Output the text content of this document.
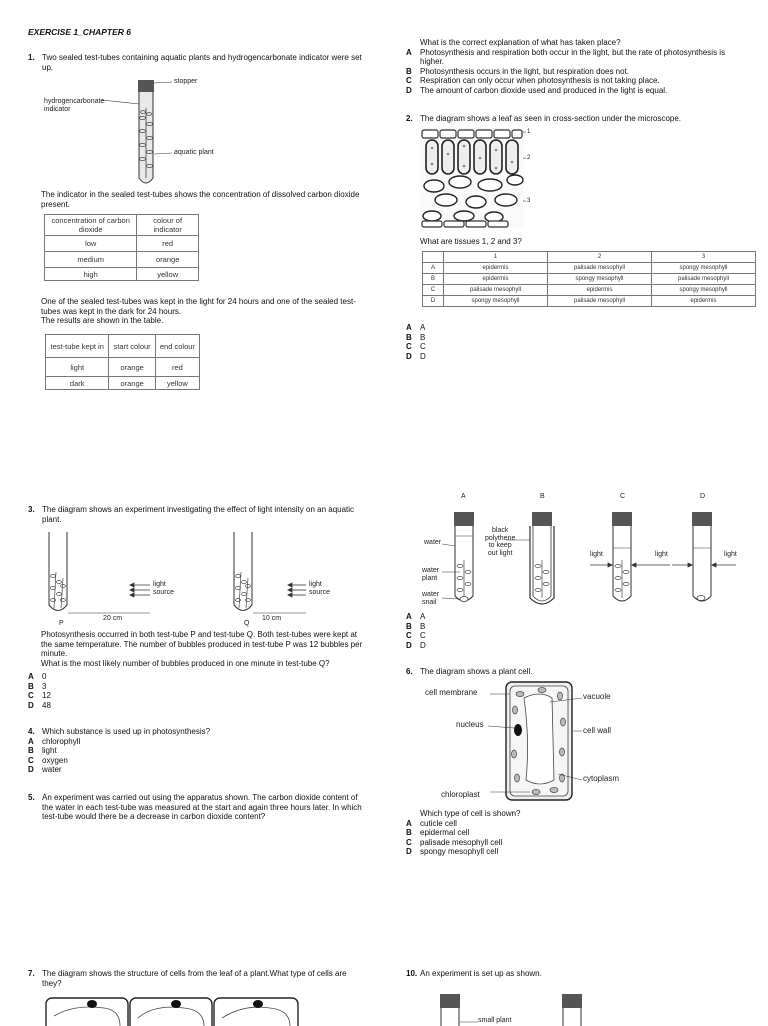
EXERCISE 1_CHAPTER 6
1. Two sealed test-tubes containing aquatic plants and hydrogencarbonate indicator were set up.

stopper
hydrogencarbonate
indicator
aquatic plant

The indicator in the sealed test-tubes shows the concentration of dissolved carbon dioxide present.

concentration of carbon dioxide	colour of indicator
low	red
medium	orange
high	yellow

One of the sealed test-tubes was kept in the light for 24 hours and one of the sealed test-tubes was kept in the dark for 24 hours.

The results are shown in the table.

test-tube kept in	start colour	end colour
light	orange	red
dark	orange	yellow

What is the correct explanation of what has taken place?

A	Photosynthesis and respiration both occur in the light, but the rate of photosynthesis is higher.

B	Photosynthesis occurs in the light, but respiration does not.

C	Respiration can only occur when photosynthesis is not taking place.

D	The amount of carbon dioxide used and produced in the light is equal.

2. The diagram shows a leaf as seen in cross-section under the microscope.

1
2
3

What are tissues 1, 2 and 3?

	1	2	3
A	epidermis	palisade mesophyll	spongy mesophyll
B	epidermis	spongy mesophyll	palisade mesophyll
C	palisade mesophyll	epidermis	spongy mesophyll
D	spongy mesophyll	palisade mesophyll	epidermis
A	A
B	B
C	C
D	D
3. The diagram shows an experiment investigating the effect of light intensity on an aquatic plant.

light
source
light
source
20 cm	10 cm
P	Q

Photosynthesis occurred in both test-tube P and test-tube Q. Both test-tubes were kept at the same temperature. The number of bubbles produced in test-tube P was 12 bubbles per minute.

What is the most likely number of bubbles produced in one minute in test-tube Q?

A	0
B	3
C	12
D	48
4. Which substance is used up in photosynthesis?

A	chlorophyll
B	light
C	oxygen
D	water
5. An experiment was carried out using the apparatus shown. The carbon dioxide content of the water in each test-tube was measured at the start and again three hours later. In which test-tube would there be a decrease in carbon dioxide content?

A	B	C	D
water
black
polythene
to keep
out light
water
plant
water
snail
light	light	light
A	A
B	B
C	C
D	D
6. The diagram shows a plant cell.

cell membrane	vacuole
nucleus
cell wall
cytoplasm
chloroplast

Which type of cell is shown?

A	cuticle cell
B	epidermal cell
C	palisade mesophyll cell
D	spongy mesophyll cell
7. The diagram shows the structure of cells from the leaf of a plant.What type of cells are they?

10. An experiment is set up as shown.

small plant
